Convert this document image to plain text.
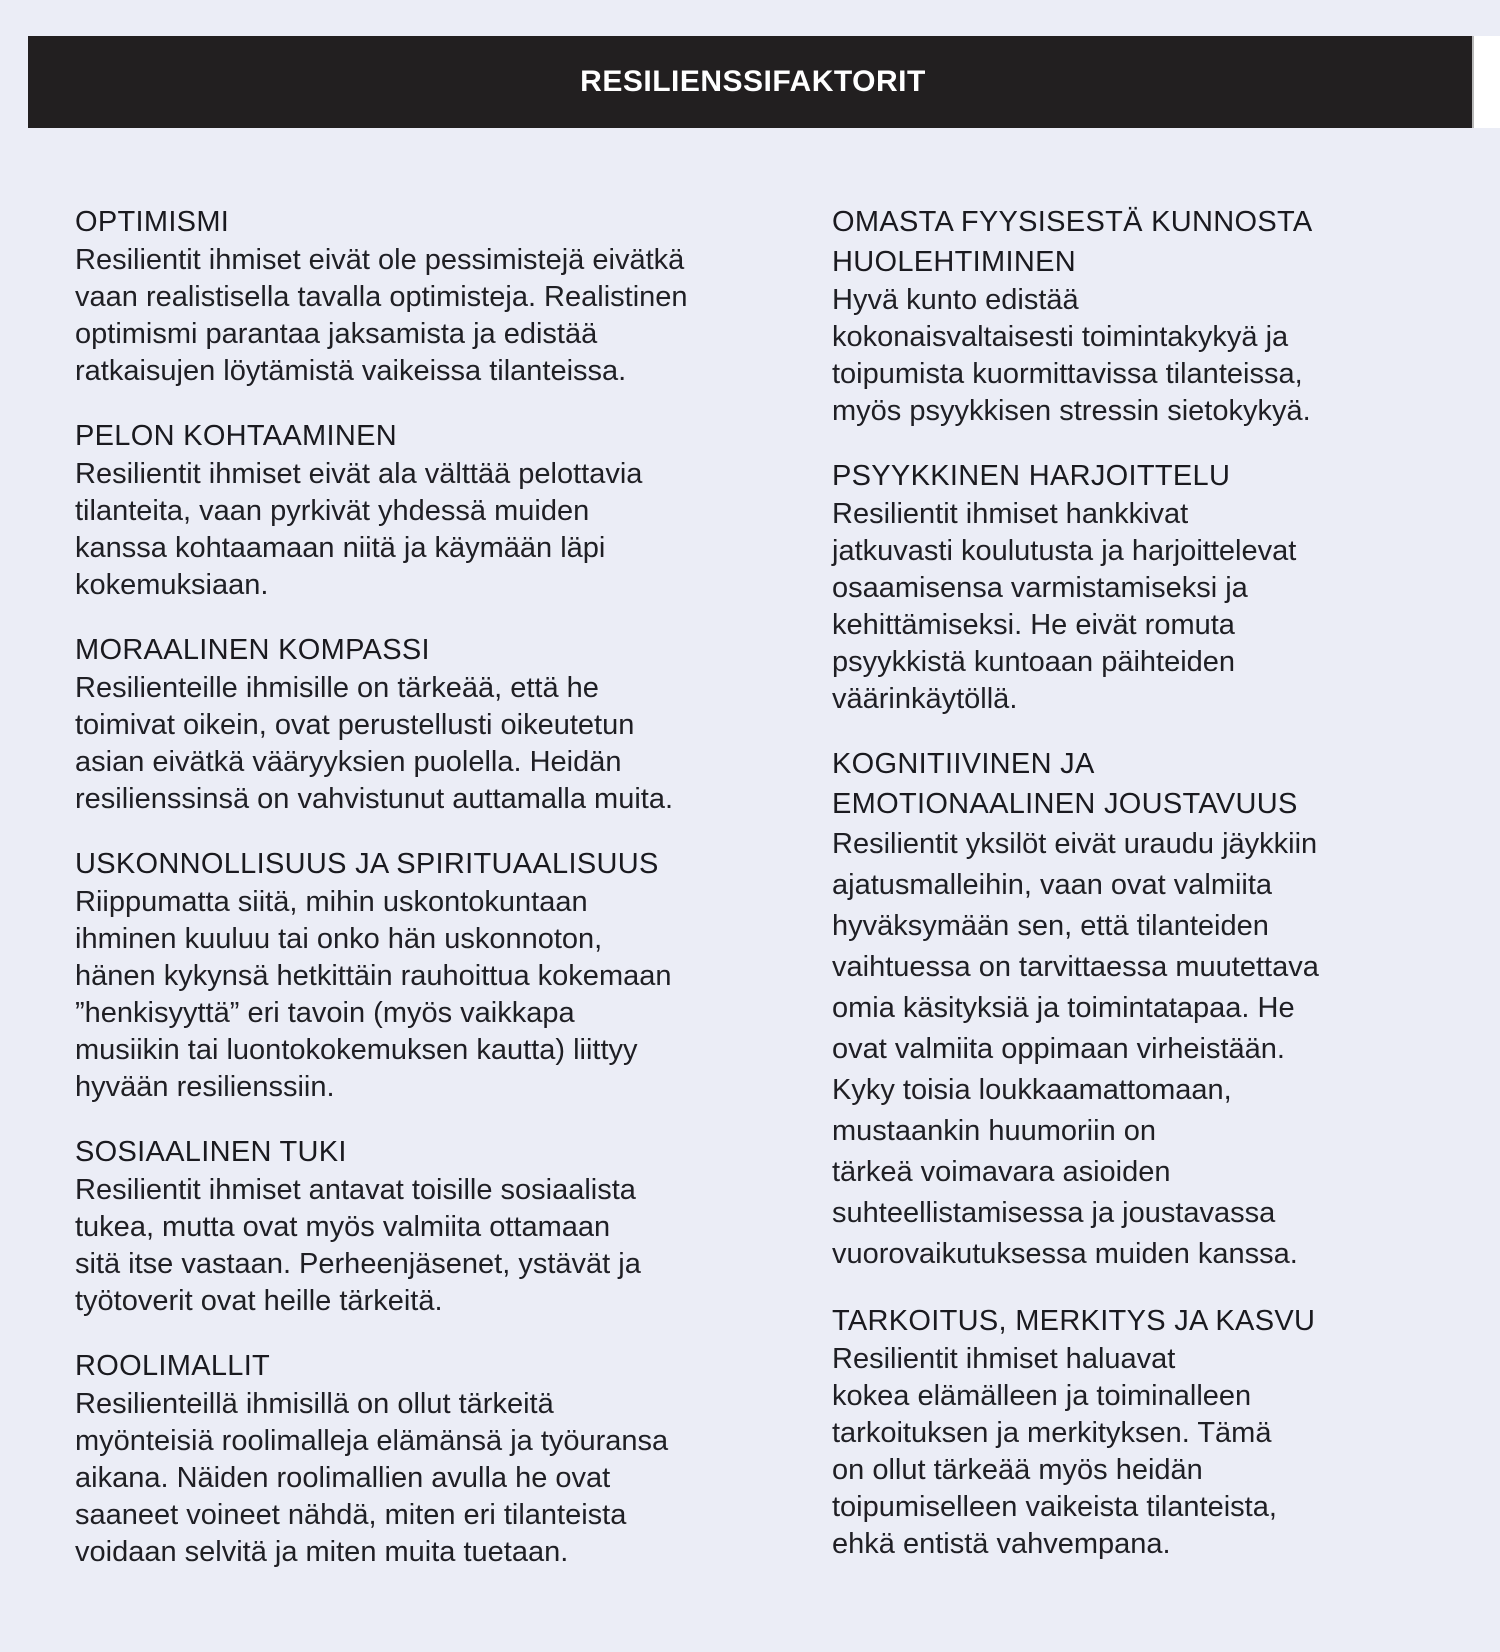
RESILIENSSIFAKTORIT
OPTIMISMI
Resilientit ihmiset eivät ole pessimistejä eivätkä
vaan realistisella tavalla optimisteja. Realistinen
optimismi parantaa jaksamista ja edistää
ratkaisujen löytämistä vaikeissa tilanteissa.
PELON KOHTAAMINEN
Resilientit ihmiset eivät ala välttää pelottavia
tilanteita, vaan pyrkivät yhdessä muiden
kanssa kohtaamaan niitä ja käymään läpi
kokemuksiaan.
MORAALINEN KOMPASSI
Resilienteille ihmisille on tärkeää, että he
toimivat oikein, ovat perustellusti oikeutetun
asian eivätkä vääryyksien puolella. Heidän
resilienssinsä on vahvistunut auttamalla muita.
USKONNOLLISUUS JA SPIRITUAALISUUS
Riippumatta siitä, mihin uskontokuntaan
ihminen kuuluu tai onko hän uskonnoton,
hänen kykynsä hetkittäin rauhoittua kokemaan
”henkisyyttä” eri tavoin (myös vaikkapa
musiikin tai luontokokemuksen kautta) liittyy
hyvään resilienssiin.
SOSIAALINEN TUKI
Resilientit ihmiset antavat toisille sosiaalista
tukea, mutta ovat myös valmiita ottamaan
sitä itse vastaan. Perheenjäsenet, ystävät ja
työtoverit ovat heille tärkeitä.
ROOLIMALLIT
Resilienteillä ihmisillä on ollut tärkeitä
myönteisiä roolimalleja elämänsä ja työuransa
aikana. Näiden roolimallien avulla he ovat
saaneet voineet nähdä, miten eri tilanteista
voidaan selvitä ja miten muita tuetaan.
OMASTA FYYSISESTÄ KUNNOSTA
HUOLEHTIMINEN
Hyvä kunto edistää
kokonaisvaltaisesti toimintakykyä ja
toipumista kuormittavissa tilanteissa,
myös psyykkisen stressin sietokykyä.
PSYYKKINEN HARJOITTELU
Resilientit ihmiset hankkivat
jatkuvasti koulutusta ja harjoittelevat
osaamisensa varmistamiseksi ja
kehittämiseksi. He eivät romuta
psyykkistä kuntoaan päihteiden
väärinkäytöllä.
KOGNITIIVINEN JA
EMOTIONAALINEN JOUSTAVUUS
Resilientit yksilöt eivät uraudu jäykkiin
ajatusmalleihin, vaan ovat valmiita
hyväksymään sen, että tilanteiden
vaihtuessa on tarvittaessa muutettava
omia käsityksiä ja toimintatapaa. He
ovat valmiita oppimaan virheistään.
Kyky toisia loukkaamattomaan,
mustaankin huumoriin on
tärkeä voimavara asioiden
suhteellistamisessa ja joustavassa
vuorovaikutuksessa muiden kanssa.
TARKOITUS, MERKITYS JA KASVU
Resilientit ihmiset haluavat
kokea elämälleen ja toiminalleen
tarkoituksen ja merkityksen. Tämä
on ollut tärkeää myös heidän
toipumiselleen vaikeista tilanteista,
ehkä entistä vahvempana.
